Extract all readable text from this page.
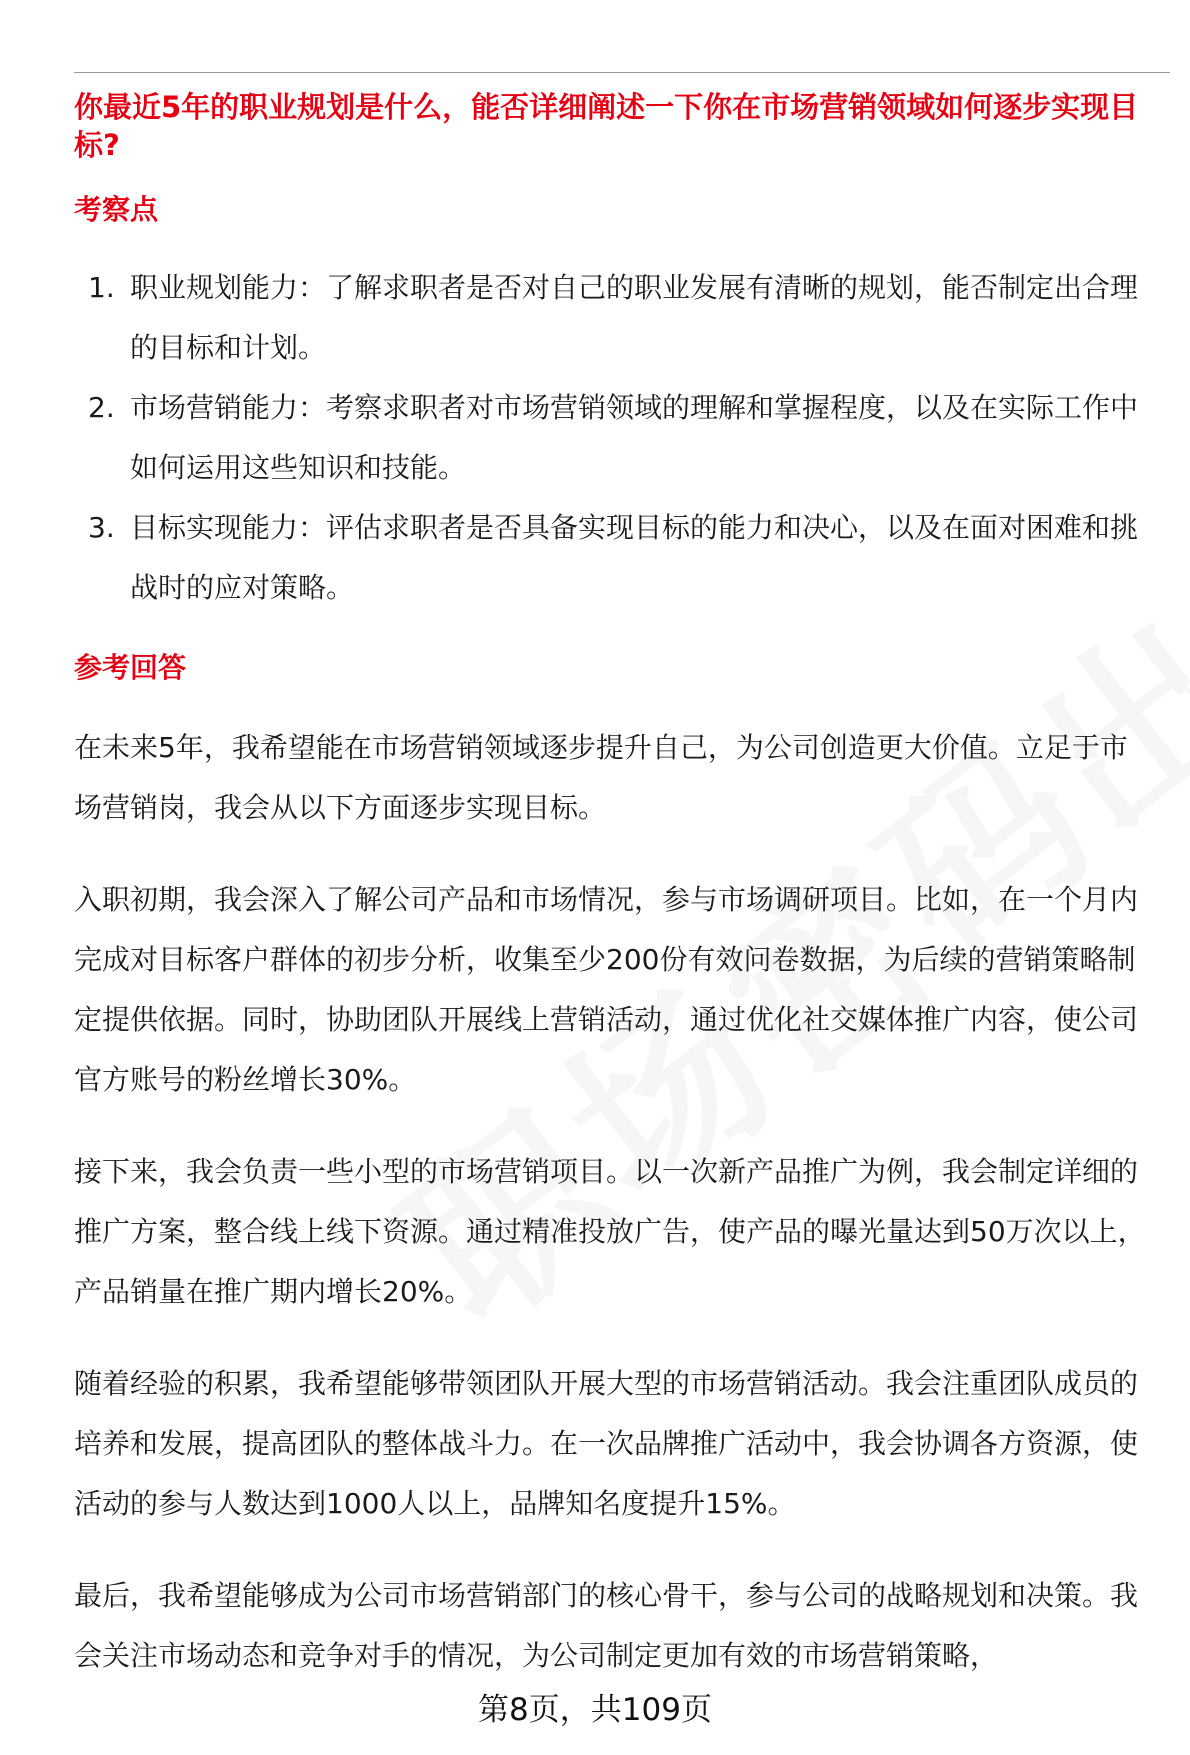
你最近5年的职业规划是什么，能否详细阐述一下你在市场营销领域如何逐步实现目标?
考察点
1. 职业规划能力：了解求职者是否对自己的职业发展有清晰的规划，能否制定出合理的目标和计划。
2. 市场营销能力：考察求职者对市场营销领域的理解和掌握程度，以及在实际工作中如何运用这些知识和技能。
3. 目标实现能力：评估求职者是否具备实现目标的能力和决心，以及在面对困难和挑战时的应对策略。
参考回答

在未来5年，我希望能在市场营销领域逐步提升自己，为公司创造更大价值。立足于市场营销岗，我会从以下方面逐步实现目标。

入职初期，我会深入了解公司产品和市场情况，参与市场调研项目。比如，在一个月内完成对目标客户群体的初步分析，收集至少200份有效问卷数据，为后续的营销策略制定提供依据。同时，协助团队开展线上营销活动，通过优化社交媒体推广内容，使公司官方账号的粉丝增长30%。

接下来，我会负责一些小型的市场营销项目。以一次新产品推广为例，我会制定详细的推广方案，整合线上线下资源。通过精准投放广告，使产品的曝光量达到50万次以上，产品销量在推广期内增长20%。

随着经验的积累，我希望能够带领团队开展大型的市场营销活动。我会注重团队成员的培养和发展，提高团队的整体战斗力。在一次品牌推广活动中，我会协调各方资源，使活动的参与人数达到1000人以上，品牌知名度提升15%。

最后，我希望能够成为公司市场营销部门的核心骨干，参与公司的战略规划和决策。我会关注市场动态和竞争对手的情况，为公司制定更加有效的市场营销策略，

第8页，共109页
